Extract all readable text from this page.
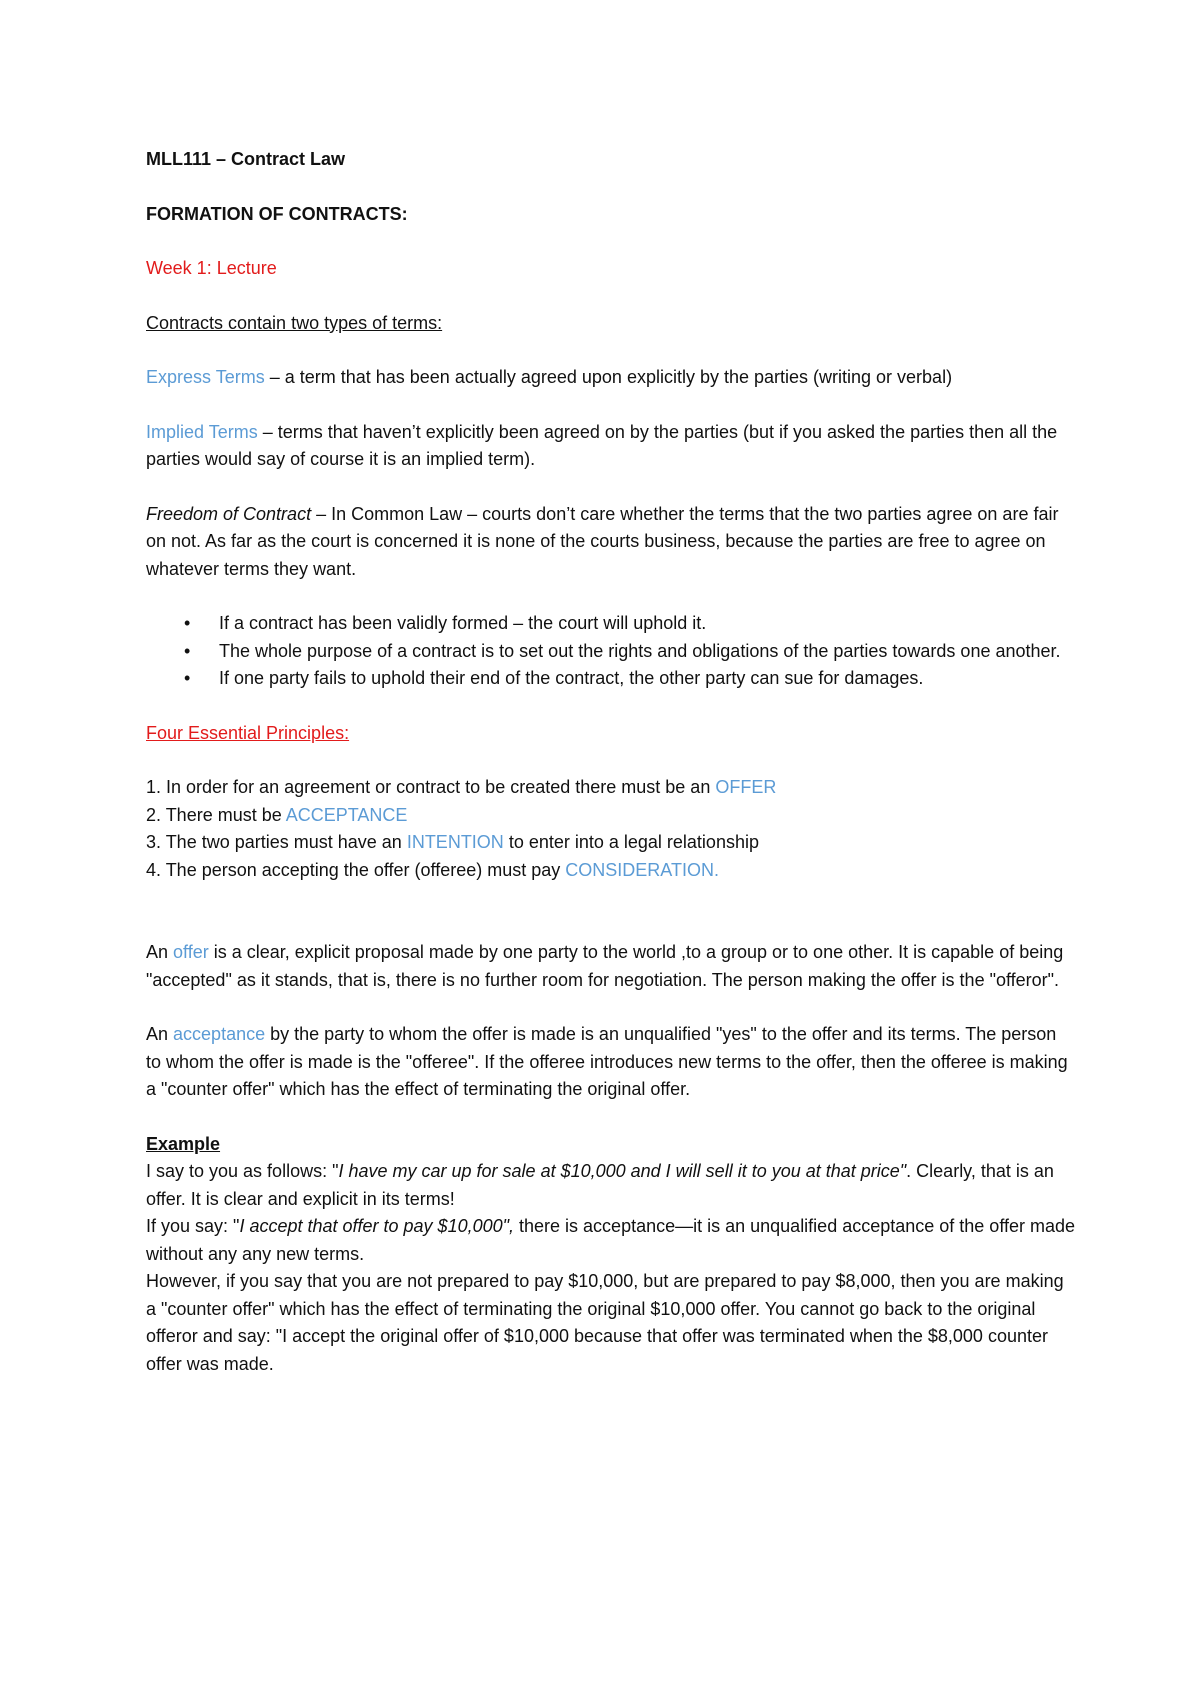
MLL111 – Contract Law

FORMATION OF CONTRACTS:

Week 1: Lecture

Contracts contain two types of terms:

Express Terms – a term that has been actually agreed upon explicitly by the parties (writing or verbal)

Implied Terms – terms that haven’t explicitly been agreed on by the parties (but if you asked the parties then all the parties would say of course it is an implied term).

Freedom of Contract – In Common Law – courts don’t care whether the terms that the two parties agree on are fair on not. As far as the court is concerned it is none of the courts business, because the parties are free to agree on whatever terms they want.

• If a contract has been validly formed – the court will uphold it.
• The whole purpose of a contract is to set out the rights and obligations of the parties towards one another.
• If one party fails to uphold their end of the contract, the other party can sue for damages.

Four Essential Principles:

1. In order for an agreement or contract to be created there must be an OFFER

2. There must be ACCEPTANCE

3. The two parties must have an INTENTION to enter into a legal relationship

4. The person accepting the offer (offeree) must pay CONSIDERATION.

An offer is a clear, explicit proposal made by one party to the world ,to a group or to one other. It is capable of being "accepted" as it stands, that is, there is no further room for negotiation. The person making the offer is the "offeror".

An acceptance by the party to whom the offer is made is an unqualified "yes" to the offer and its terms. The person to whom the offer is made is the "offeree". If the offeree introduces new terms to the offer, then the offeree is making a "counter offer" which has the effect of terminating the original offer.

Example

I say to you as follows: "I have my car up for sale at $10,000 and I will sell it to you at that price". Clearly, that is an offer. It is clear and explicit in its terms!

If you say: "I accept that offer to pay $10,000", there is acceptance—it is an unqualified acceptance of the offer made without any any new terms.

However, if you say that you are not prepared to pay $10,000, but are prepared to pay $8,000, then you are making a "counter offer" which has the effect of terminating the original $10,000 offer. You cannot go back to the original offeror and say: "I accept the original offer of $10,000 because that offer was terminated when the $8,000 counter offer was made.
